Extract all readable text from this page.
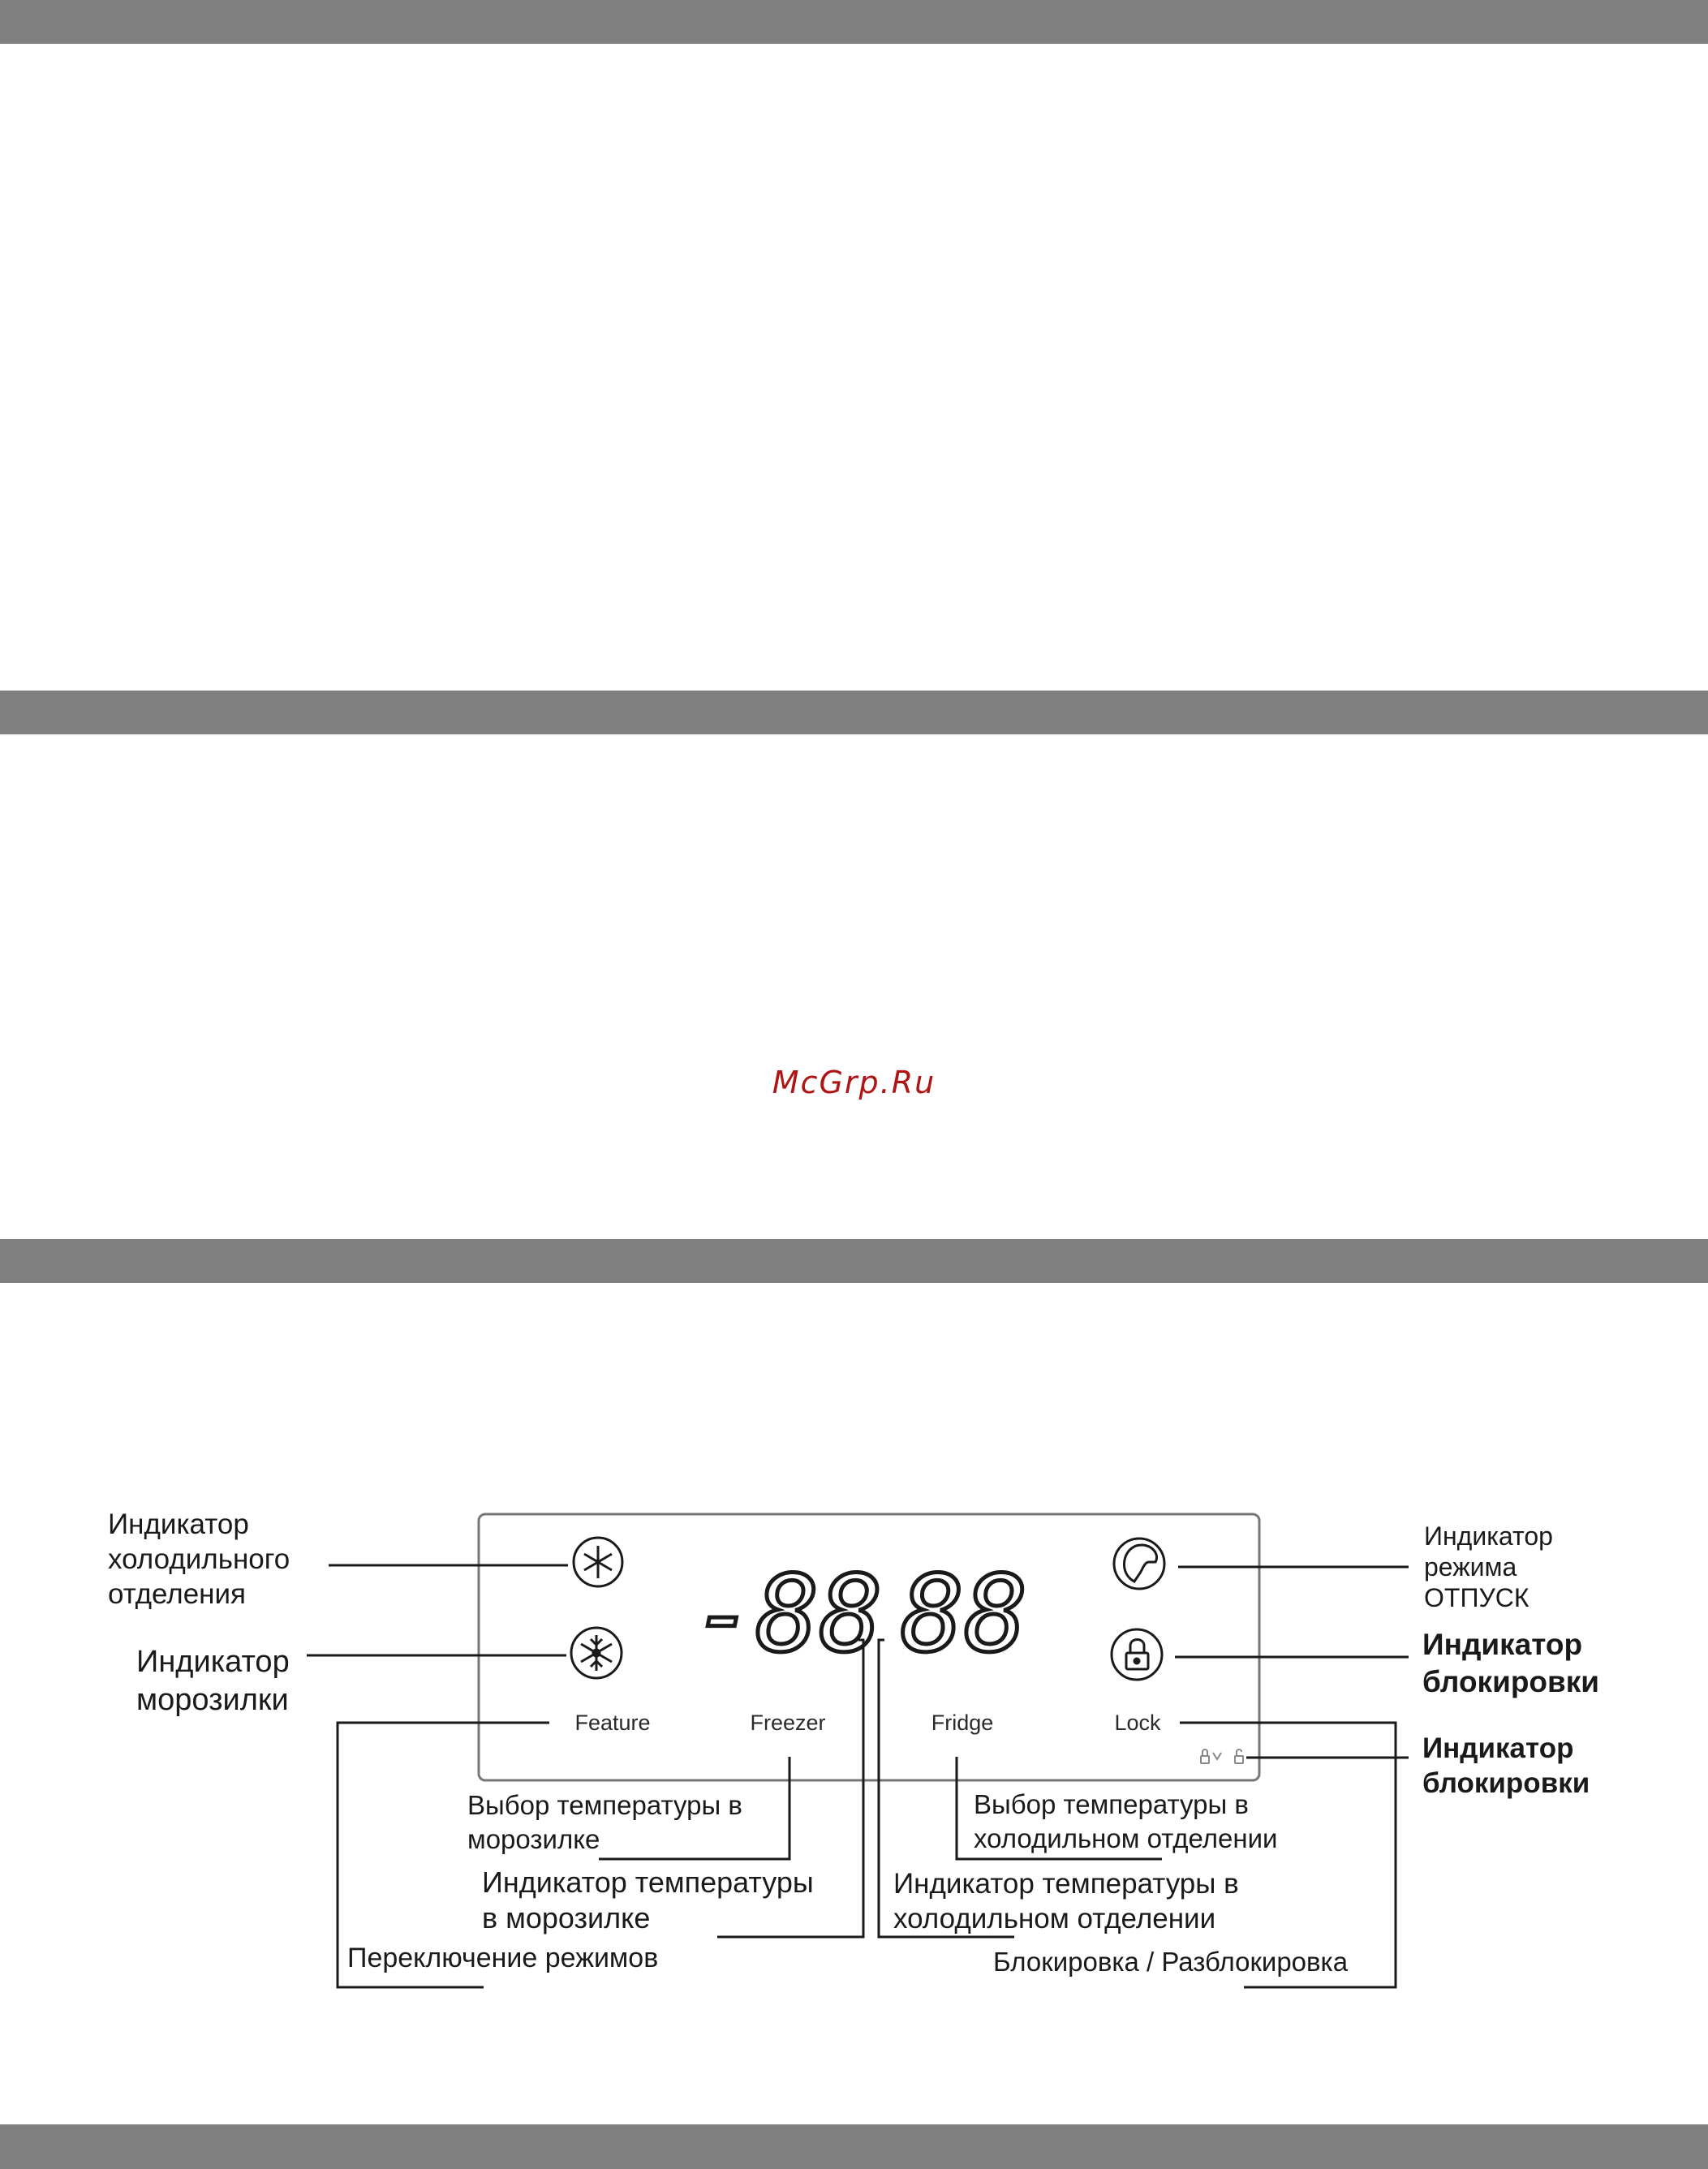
McGrp.Ru
-88 88
Feature	Freezer	Fridge	Lock
Индикатор
холодильного
отделения
Индикатор
морозилки
Индикатор
режима
ОТПУСК
Индикатор
блокировки
Индикатор
блокировки
Выбор температуры в
морозилке
Индикатор температуры
в морозилке
Переключение режимов
Выбор температуры в
холодильном отделении
Индикатор температуры в
холодильном отделении
Блокировка / Разблокировка
